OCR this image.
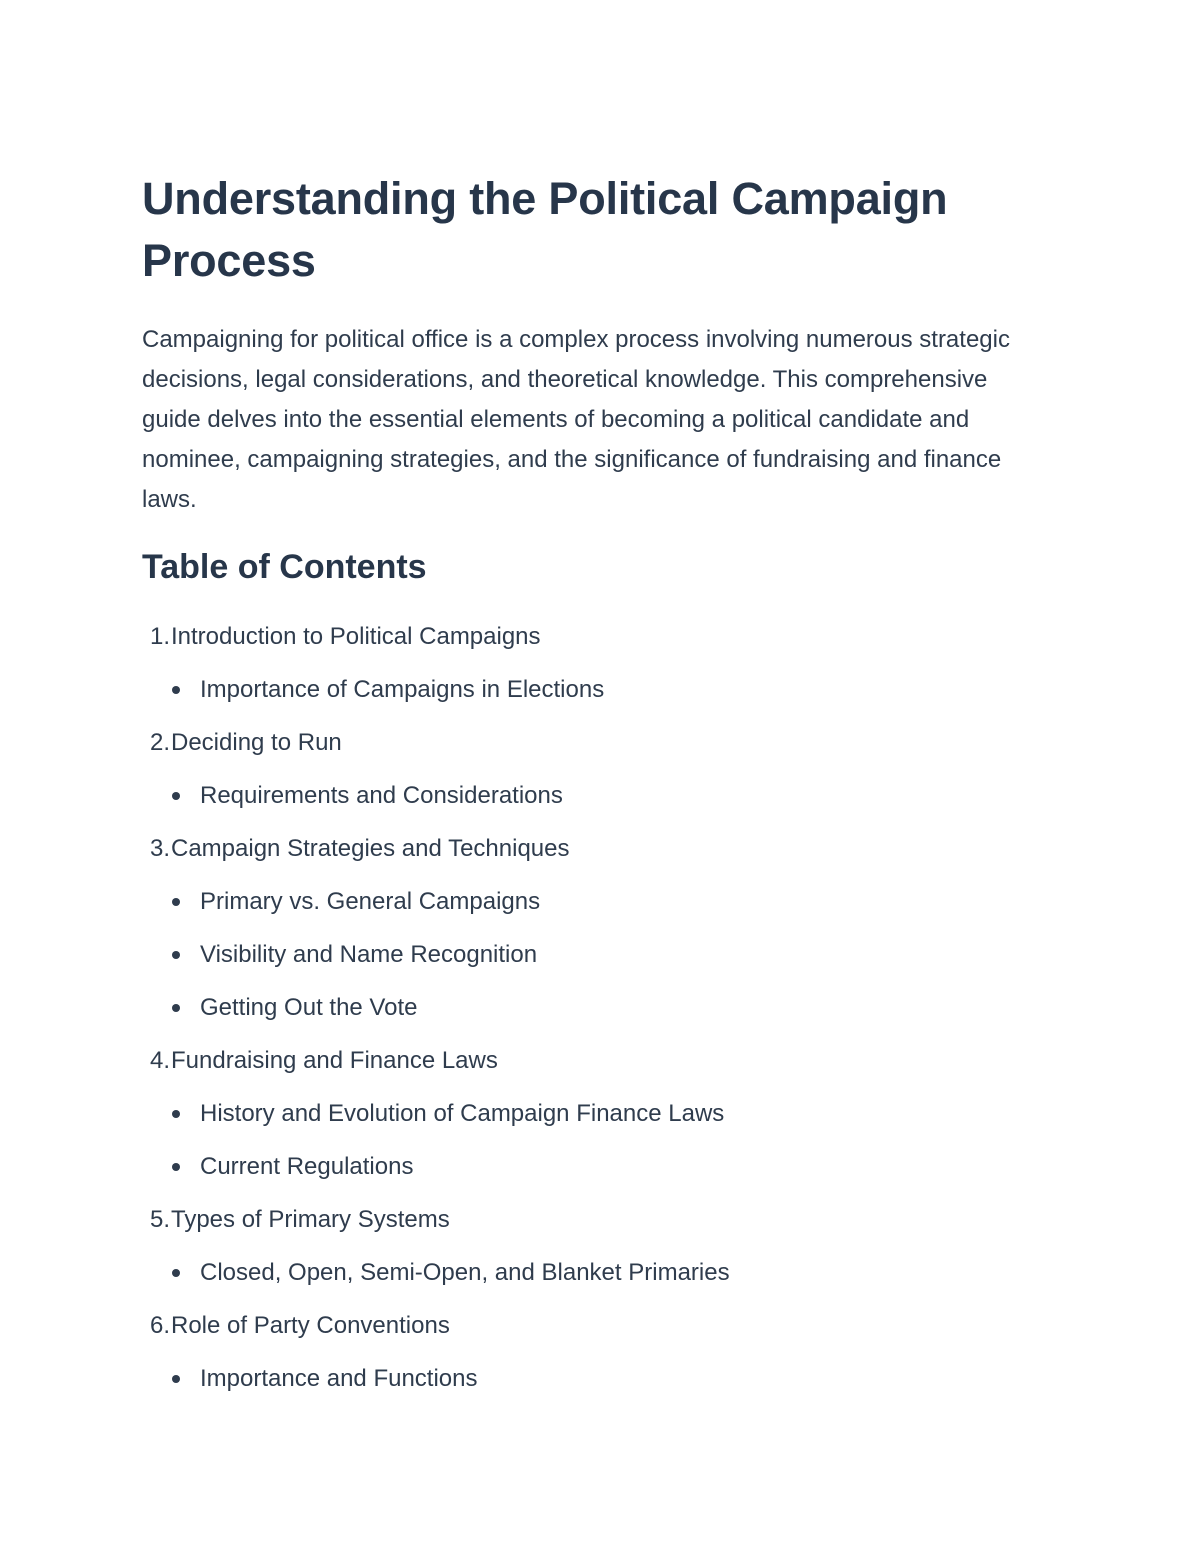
Understanding the Political Campaign Process

Campaigning for political office is a complex process involving numerous strategic decisions, legal considerations, and theoretical knowledge. This comprehensive guide delves into the essential elements of becoming a political candidate and nominee, campaigning strategies, and the significance of fundraising and finance laws.

Table of Contents
1. Introduction to Political Campaigns
Importance of Campaigns in Elections
2. Deciding to Run
Requirements and Considerations
3. Campaign Strategies and Techniques
Primary vs. General Campaigns
Visibility and Name Recognition
Getting Out the Vote
4. Fundraising and Finance Laws
History and Evolution of Campaign Finance Laws
Current Regulations
5. Types of Primary Systems
Closed, Open, Semi-Open, and Blanket Primaries
6. Role of Party Conventions
Importance and Functions
